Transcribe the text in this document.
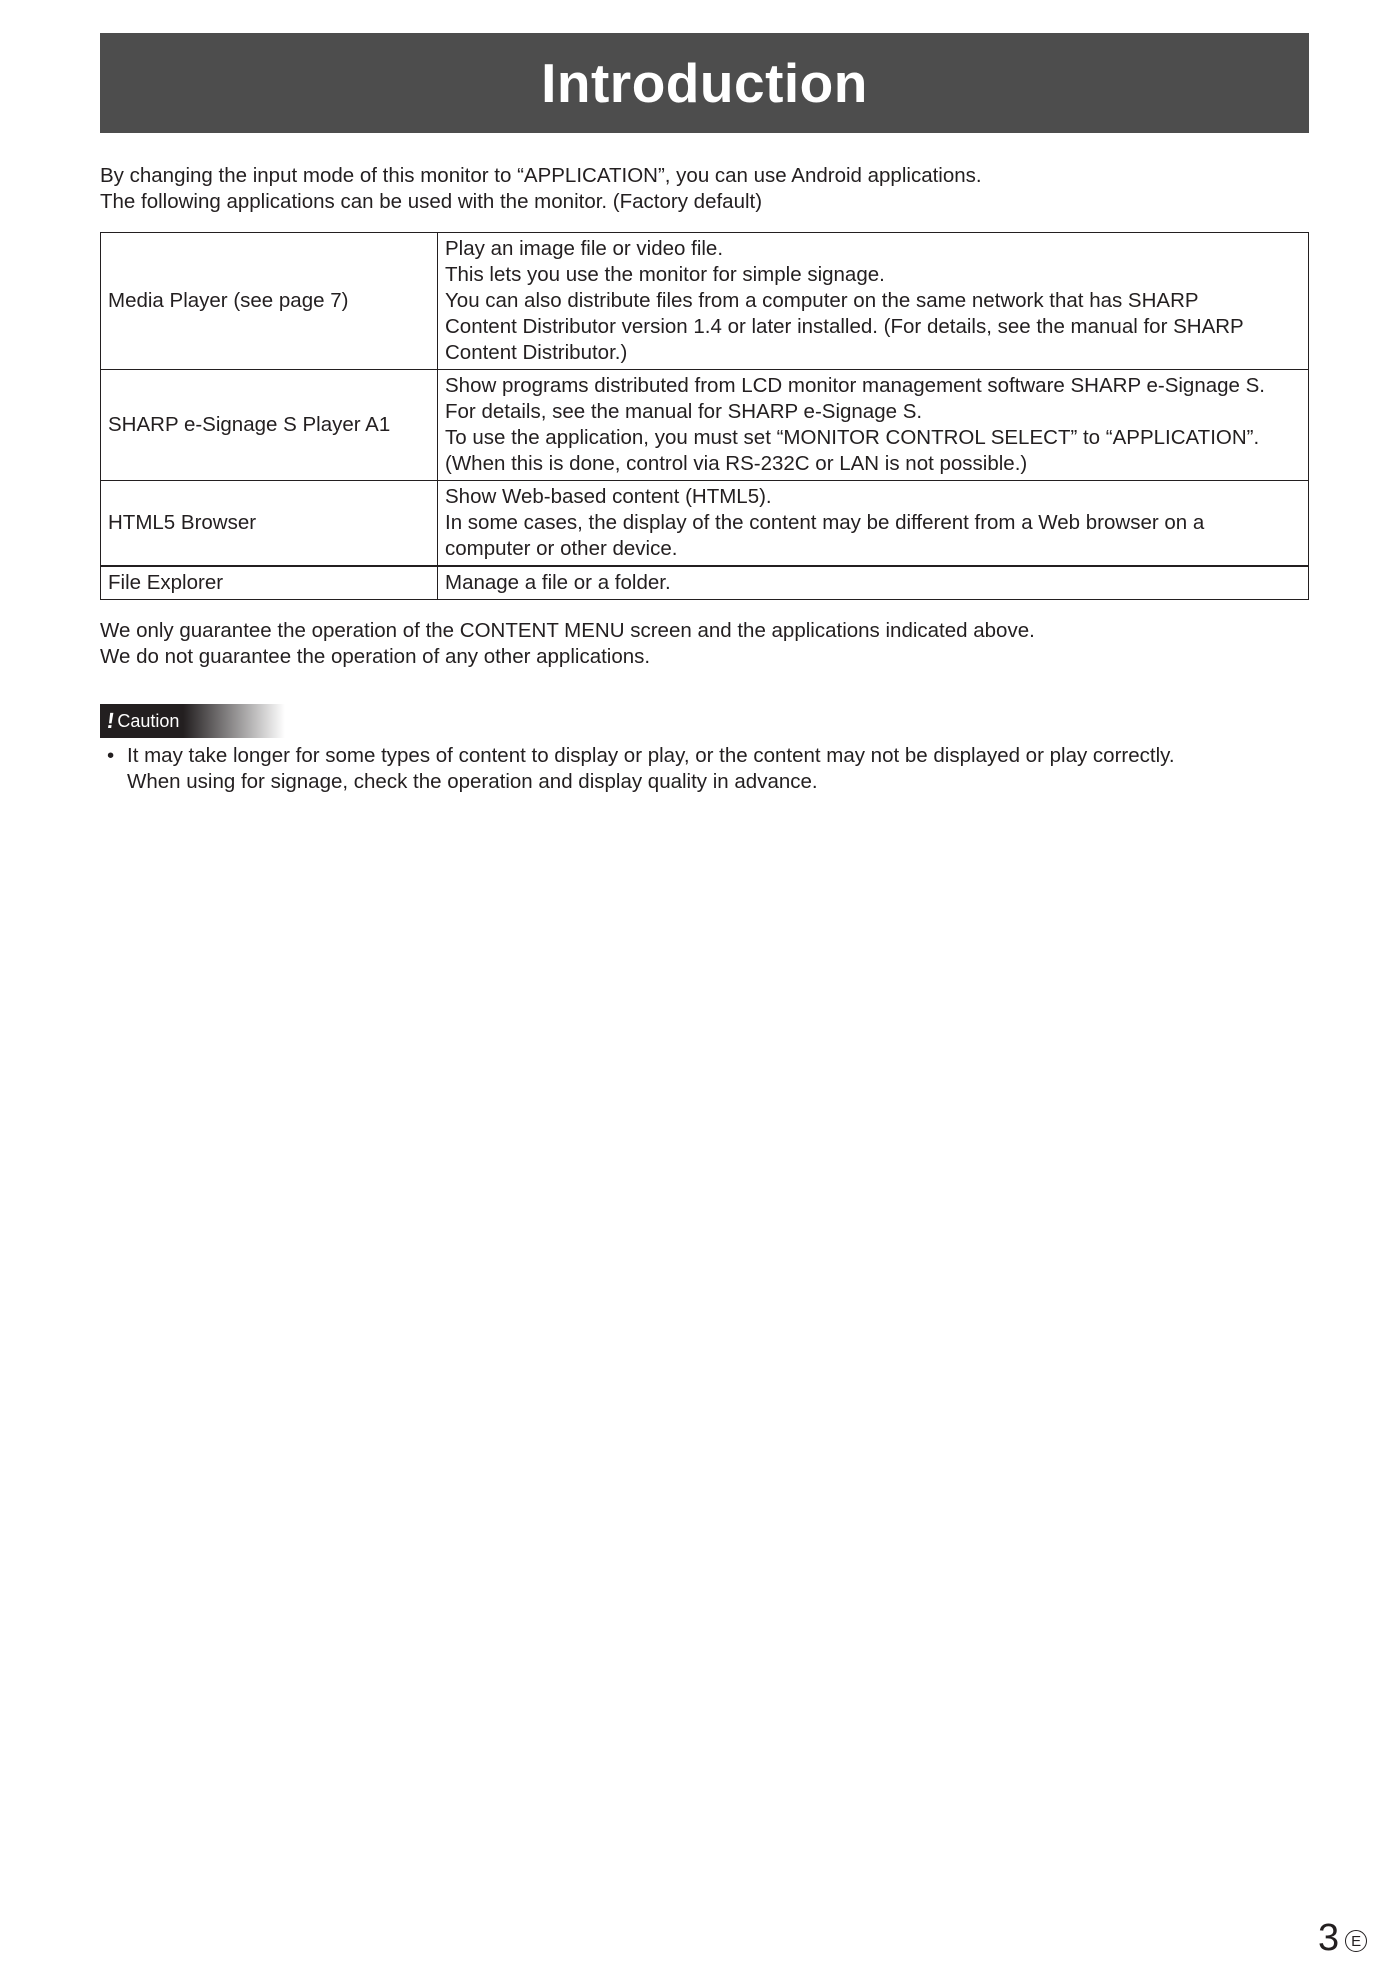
Introduction

By changing the input mode of this monitor to “APPLICATION”, you can use Android applications.

The following applications can be used with the monitor. (Factory default)

Media Player (see page 7)	Play an image file or video file.
This lets you use the monitor for simple signage.
You can also distribute files from a computer on the same network that has SHARP
Content Distributor version 1.4 or later installed. (For details, see the manual for SHARP
Content Distributor.)

SHARP e-Signage S Player A1	Show programs distributed from LCD monitor management software SHARP e-Signage S.
For details, see the manual for SHARP e-Signage S.
To use the application, you must set “MONITOR CONTROL SELECT” to “APPLICATION”.
(When this is done, control via RS-232C or LAN is not possible.)

HTML5 Browser	Show Web-based content (HTML5).
In some cases, the display of the content may be different from a Web browser on a
computer or other device.

File Explorer	Manage a file or a folder.

We only guarantee the operation of the CONTENT MENU screen and the applications indicated above.

We do not guarantee the operation of any other applications.

! Caution
• It may take longer for some types of content to display or play, or the content may not be displayed or play correctly.
When using for signage, check the operation and display quality in advance.
3 E
